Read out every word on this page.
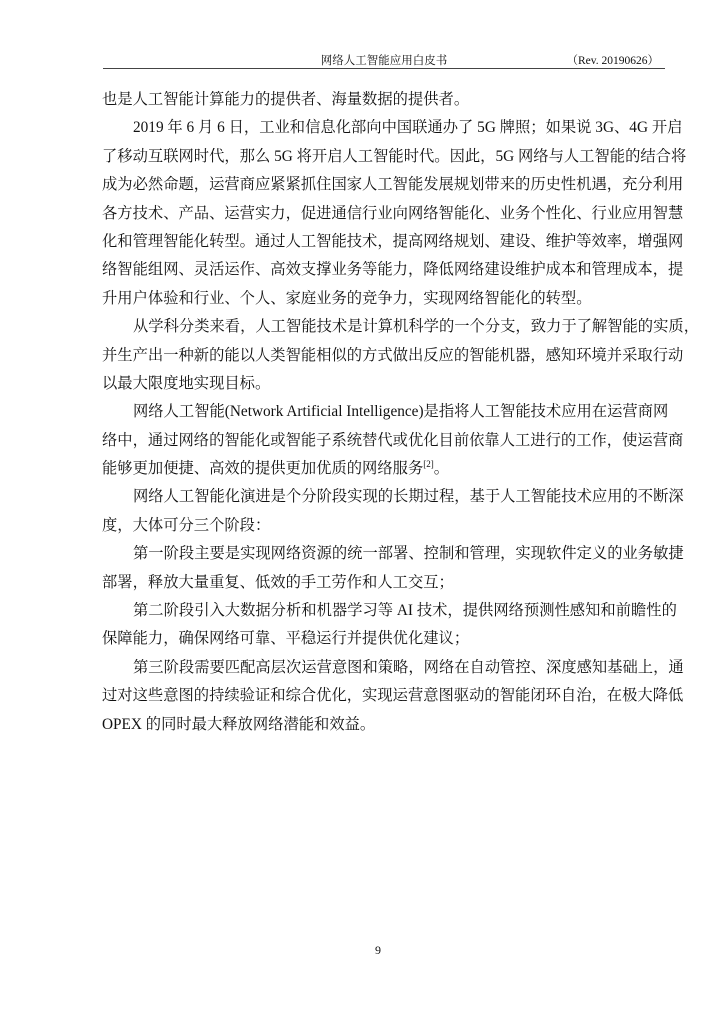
网络人工智能应用白皮书	（Rev. 20190626）
也是人工智能计算能力的提供者、海量数据的提供者。
2019 年 6 月 6 日，工业和信息化部向中国联通办了 5G 牌照；如果说 3G、4G 开启
了移动互联网时代，那么 5G 将开启人工智能时代。因此，5G 网络与人工智能的结合将
成为必然命题，运营商应紧紧抓住国家人工智能发展规划带来的历史性机遇，充分利用
各方技术、产品、运营实力，促进通信行业向网络智能化、业务个性化、行业应用智慧
化和管理智能化转型。通过人工智能技术，提高网络规划、建设、维护等效率，增强网
络智能组网、灵活运作、高效支撑业务等能力，降低网络建设维护成本和管理成本，提
升用户体验和行业、个人、家庭业务的竞争力，实现网络智能化的转型。
从学科分类来看，人工智能技术是计算机科学的一个分支，致力于了解智能的实质，
并生产出一种新的能以人类智能相似的方式做出反应的智能机器，感知环境并采取行动
以最大限度地实现目标。
网络人工智能(Network Artificial Intelligence)是指将人工智能技术应用在运营商网
络中，通过网络的智能化或智能子系统替代或优化目前依靠人工进行的工作，使运营商
能够更加便捷、高效的提供更加优质的网络服务[2]。
网络人工智能化演进是个分阶段实现的长期过程，基于人工智能技术应用的不断深
度，大体可分三个阶段：
第一阶段主要是实现网络资源的统一部署、控制和管理，实现软件定义的业务敏捷
部署，释放大量重复、低效的手工劳作和人工交互；
第二阶段引入大数据分析和机器学习等 AI 技术，提供网络预测性感知和前瞻性的
保障能力，确保网络可靠、平稳运行并提供优化建议；
第三阶段需要匹配高层次运营意图和策略，网络在自动管控、深度感知基础上，通
过对这些意图的持续验证和综合优化，实现运营意图驱动的智能闭环自治，在极大降低
OPEX 的同时最大释放网络潜能和效益。
9
